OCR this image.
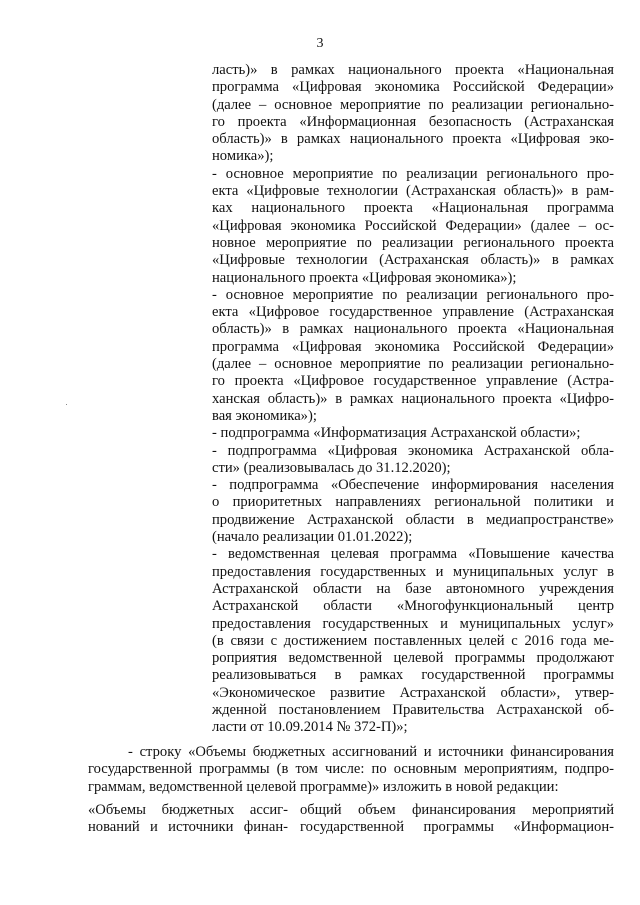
3
ласть)» в рамках национального проекта «Национальная
программа «Цифровая экономика Российской Федерации»
(далее – основное мероприятие по реализации регионально-
го проекта «Информационная безопасность (Астраханская
область)» в рамках национального проекта «Цифровая эко-
номика»);
- основное мероприятие по реализации регионального про-
екта «Цифровые технологии (Астраханская область)» в рам-
ках национального проекта «Национальная программа
«Цифровая экономика Российской Федерации» (далее – ос-
новное мероприятие по реализации регионального проекта
«Цифровые технологии (Астраханская область)» в рамках
национального проекта «Цифровая экономика»);
- основное мероприятие по реализации регионального про-
екта «Цифровое государственное управление (Астраханская
область)» в рамках национального проекта «Национальная
программа «Цифровая экономика Российской Федерации»
(далее – основное мероприятие по реализации регионально-
го проекта «Цифровое государственное управление (Астра-
ханская область)» в рамках национального проекта «Цифро-
вая экономика»);
- подпрограмма «Информатизация Астраханской области»;
- подпрограмма «Цифровая экономика Астраханской обла-
сти» (реализовывалась до 31.12.2020);
- подпрограмма «Обеспечение информирования населения
о приоритетных направлениях региональной политики и
продвижение Астраханской области в медиапространстве»
(начало реализации 01.01.2022);
- ведомственная целевая программа «Повышение качества
предоставления государственных и муниципальных услуг в
Астраханской области на базе автономного учреждения
Астраханской области «Многофункциональный центр
предоставления государственных и муниципальных услуг»
(в связи с достижением поставленных целей с 2016 года ме-
роприятия ведомственной целевой программы продолжают
реализовываться в рамках государственной программы
«Экономическое развитие Астраханской области», утвер-
жденной постановлением Правительства Астраханской об-
ласти от 10.09.2014 № 372-П)»;
- строку «Объемы бюджетных ассигнований и источники финансирования
государственной программы (в том числе: по основным мероприятиям, подпро-
граммам, ведомственной целевой программе)» изложить в новой редакции:
«Объемы бюджетных ассиг-
нований и источники финан-
общий объем финансирования мероприятий
государственной программы «Информацион-
